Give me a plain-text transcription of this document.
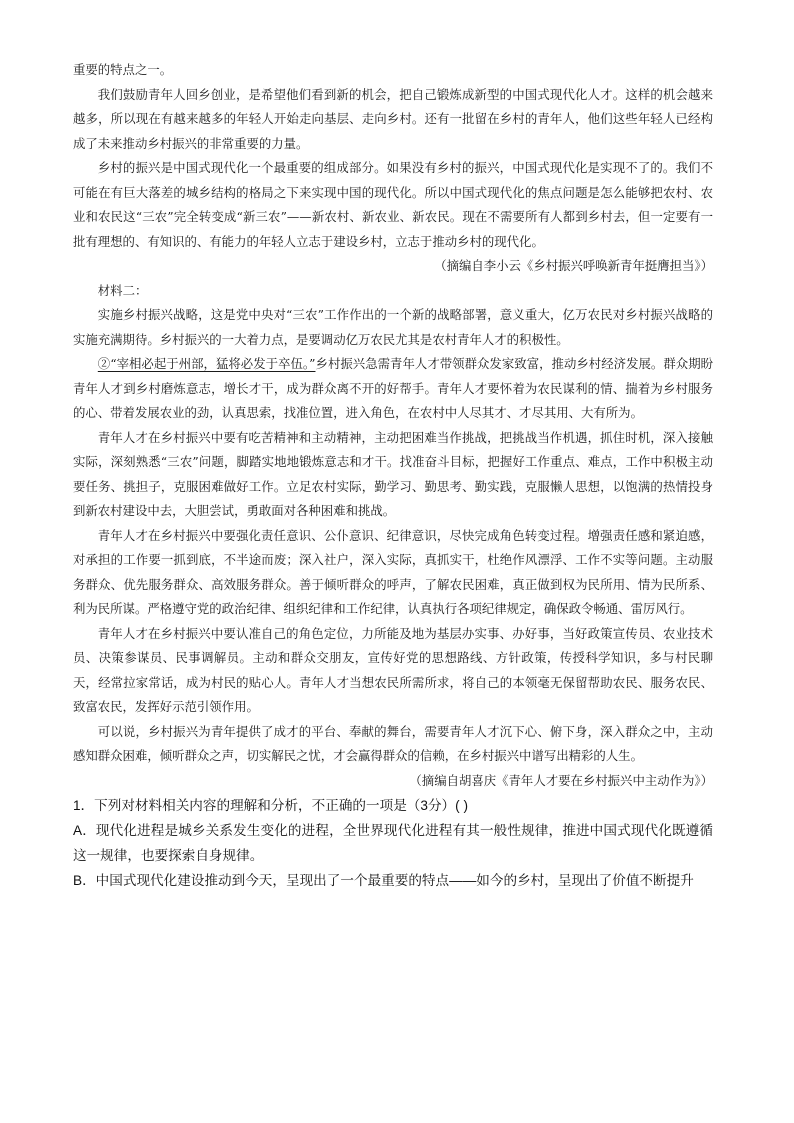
重要的特点之一。

我们鼓励青年人回乡创业，是希望他们看到新的机会，把自己锻炼成新型的中国式现代化人才。这样的机会越来越多，所以现在有越来越多的年轻人开始走向基层、走向乡村。还有一批留在乡村的青年人，他们这些年轻人已经构成了未来推动乡村振兴的非常重要的力量。

乡村的振兴是中国式现代化一个最重要的组成部分。如果没有乡村的振兴，中国式现代化是实现不了的。我们不可能在有巨大落差的城乡结构的格局之下来实现中国的现代化。所以中国式现代化的焦点问题是怎么能够把农村、农业和农民这“三农”完全转变成“新三农”——新农村、新农业、新农民。现在不需要所有人都到乡村去，但一定要有一批有理想的、有知识的、有能力的年轻人立志于建设乡村，立志于推动乡村的现代化。

（摘编自李小云《乡村振兴呼唤新青年挺膺担当》）

材料二：

实施乡村振兴战略，这是党中央对“三农”工作作出的一个新的战略部署，意义重大，亿万农民对乡村振兴战略的实施充满期待。乡村振兴的一大着力点，是要调动亿万农民尤其是农村青年人才的积极性。

②“宰相必起于州部，猛将必发于卒伍。”乡村振兴急需青年人才带领群众发家致富，推动乡村经济发展。群众期盼青年人才到乡村磨炼意志，增长才干，成为群众离不开的好帮手。青年人才要怀着为农民谋利的情、揣着为乡村服务的心、带着发展农业的劲，认真思索，找准位置，进入角色，在农村中人尽其才、才尽其用、大有所为。

青年人才在乡村振兴中要有吃苦精神和主动精神，主动把困难当作挑战，把挑战当作机遇，抓住时机，深入接触实际，深刻熟悉“三农”问题，脚踏实地地锻炼意志和才干。找准奋斗目标，把握好工作重点、难点，工作中积极主动要任务、挑担子，克服困难做好工作。立足农村实际，勤学习、勤思考、勤实践，克服懒人思想，以饱满的热情投身到新农村建设中去，大胆尝试，勇敢面对各种困难和挑战。

青年人才在乡村振兴中要强化责任意识、公仆意识、纪律意识，尽快完成角色转变过程。增强责任感和紧迫感，对承担的工作要一抓到底，不半途而废；深入社户，深入实际，真抓实干，杜绝作风漂浮、工作不实等问题。主动服务群众、优先服务群众、高效服务群众。善于倾听群众的呼声，了解农民困难，真正做到权为民所用、情为民所系、利为民所谋。严格遵守党的政治纪律、组织纪律和工作纪律，认真执行各项纪律规定，确保政令畅通、雷厉风行。

青年人才在乡村振兴中要认准自己的角色定位，力所能及地为基层办实事、办好事，当好政策宣传员、农业技术员、决策参谋员、民事调解员。主动和群众交朋友，宣传好党的思想路线、方针政策，传授科学知识，多与村民聊天，经常拉家常话，成为村民的贴心人。青年人才当想农民所需所求，将自己的本领毫无保留帮助农民、服务农民、致富农民，发挥好示范引领作用。

可以说，乡村振兴为青年提供了成才的平台、奉献的舞台，需要青年人才沉下心、俯下身，深入群众之中，主动感知群众困难，倾听群众之声，切实解民之忧，才会赢得群众的信赖，在乡村振兴中谱写出精彩的人生。

（摘编自胡喜庆《青年人才要在乡村振兴中主动作为》）

1．下列对材料相关内容的理解和分析，不正确的一项是（3分）( )

A．现代化进程是城乡关系发生变化的进程，全世界现代化进程有其一般性规律，推进中国式现代化既遵循这一规律，也要探索自身规律。

B．中国式现代化建设推动到今天，呈现出了一个最重要的特点——如今的乡村，呈现出了价值不断提升
